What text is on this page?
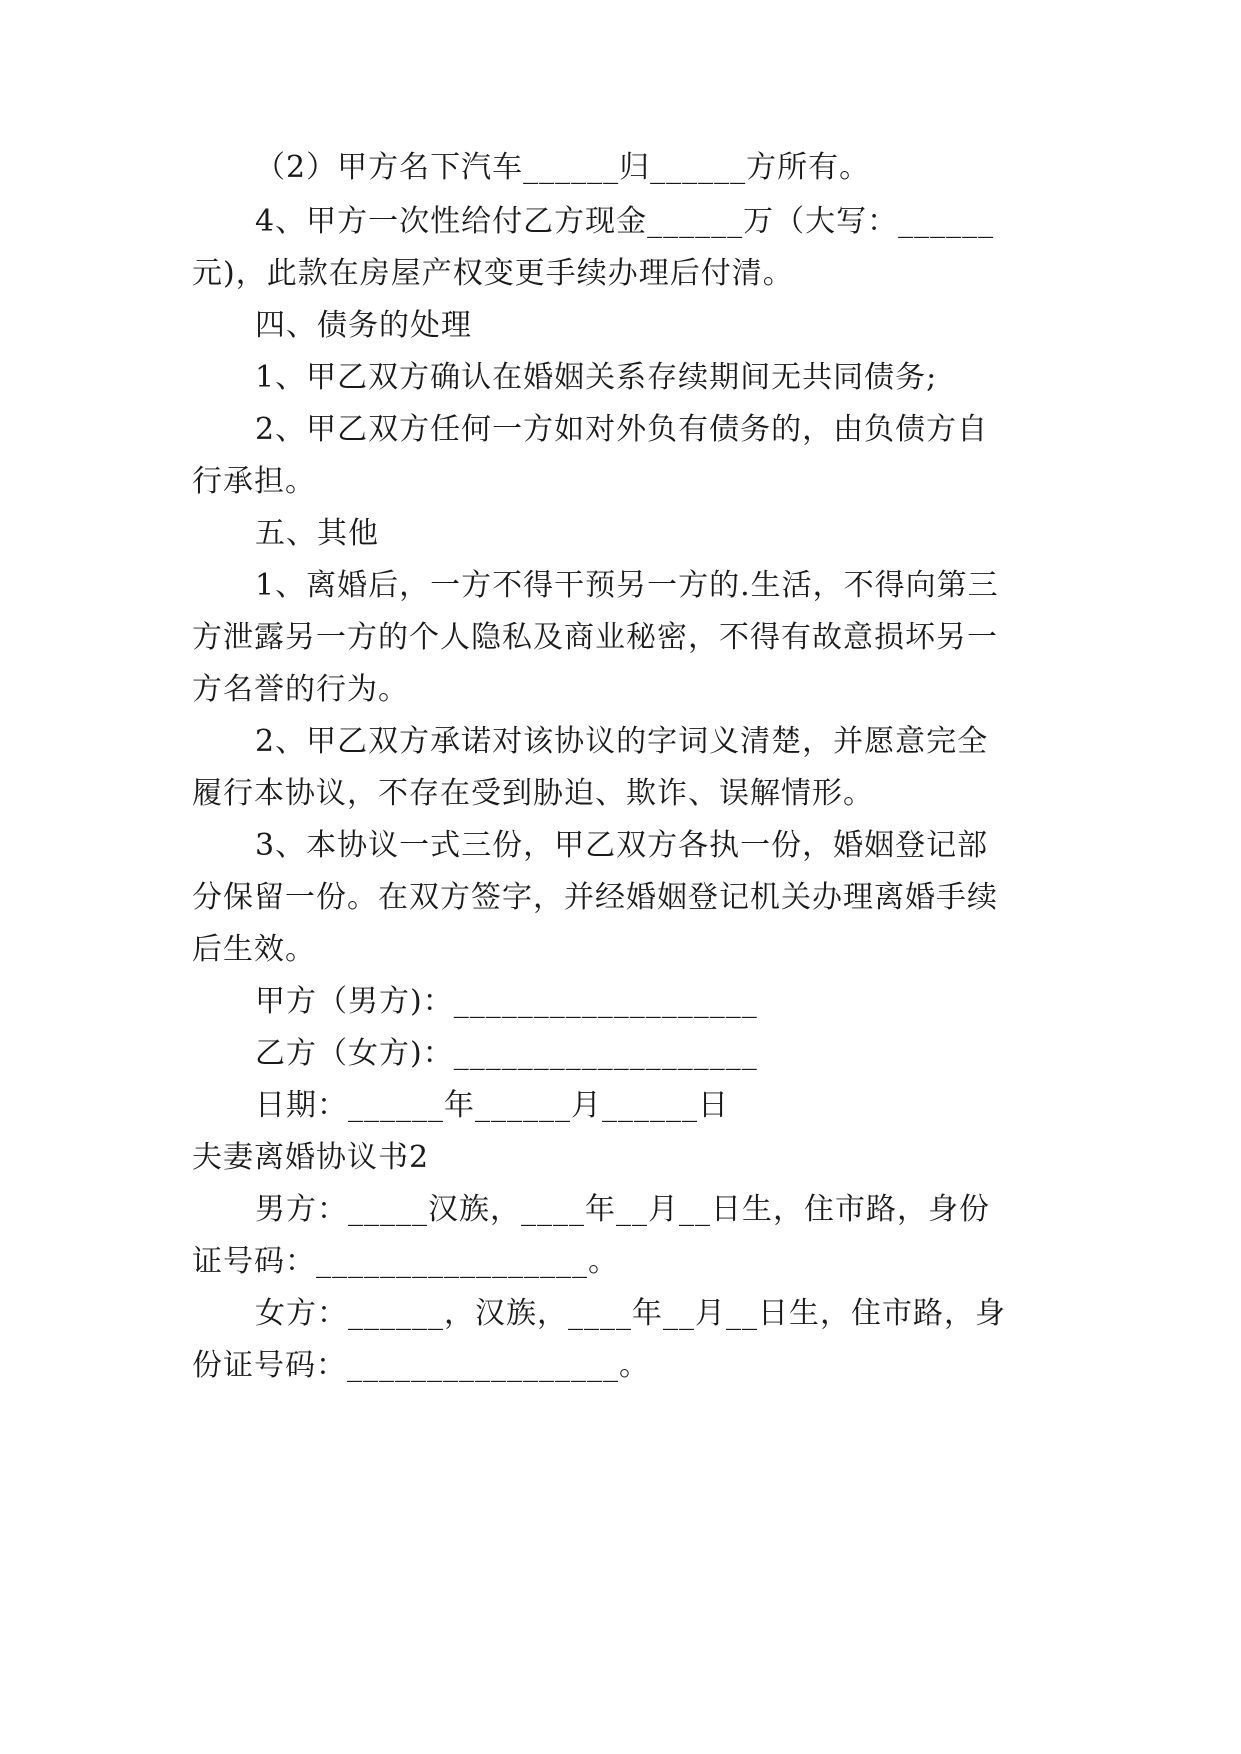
（2）甲方名下汽车______归______方所有。

4、甲方一次性给付乙方现金______万（大写：______

元)，此款在房屋产权变更手续办理后付清。

四、债务的处理

1、甲乙双方确认在婚姻关系存续期间无共同债务;

2、甲乙双方任何一方如对外负有债务的，由负债方自

行承担。

五、其他

1、离婚后，一方不得干预另一方的.生活，不得向第三

方泄露另一方的个人隐私及商业秘密，不得有故意损坏另一

方名誉的行为。

2、甲乙双方承诺对该协议的字词义清楚，并愿意完全

履行本协议，不存在受到胁迫、欺诈、误解情形。

3、本协议一式三份，甲乙双方各执一份，婚姻登记部

分保留一份。在双方签字，并经婚姻登记机关办理离婚手续

后生效。

甲方（男方)：___________________

乙方（女方)：___________________

日期：______年______月______日

夫妻离婚协议书2

男方：_____汉族，____年__月__日生，住市路，身份

证号码：_________________。

女方：______，汉族，____年__月__日生，住市路，身

份证号码：_________________。
